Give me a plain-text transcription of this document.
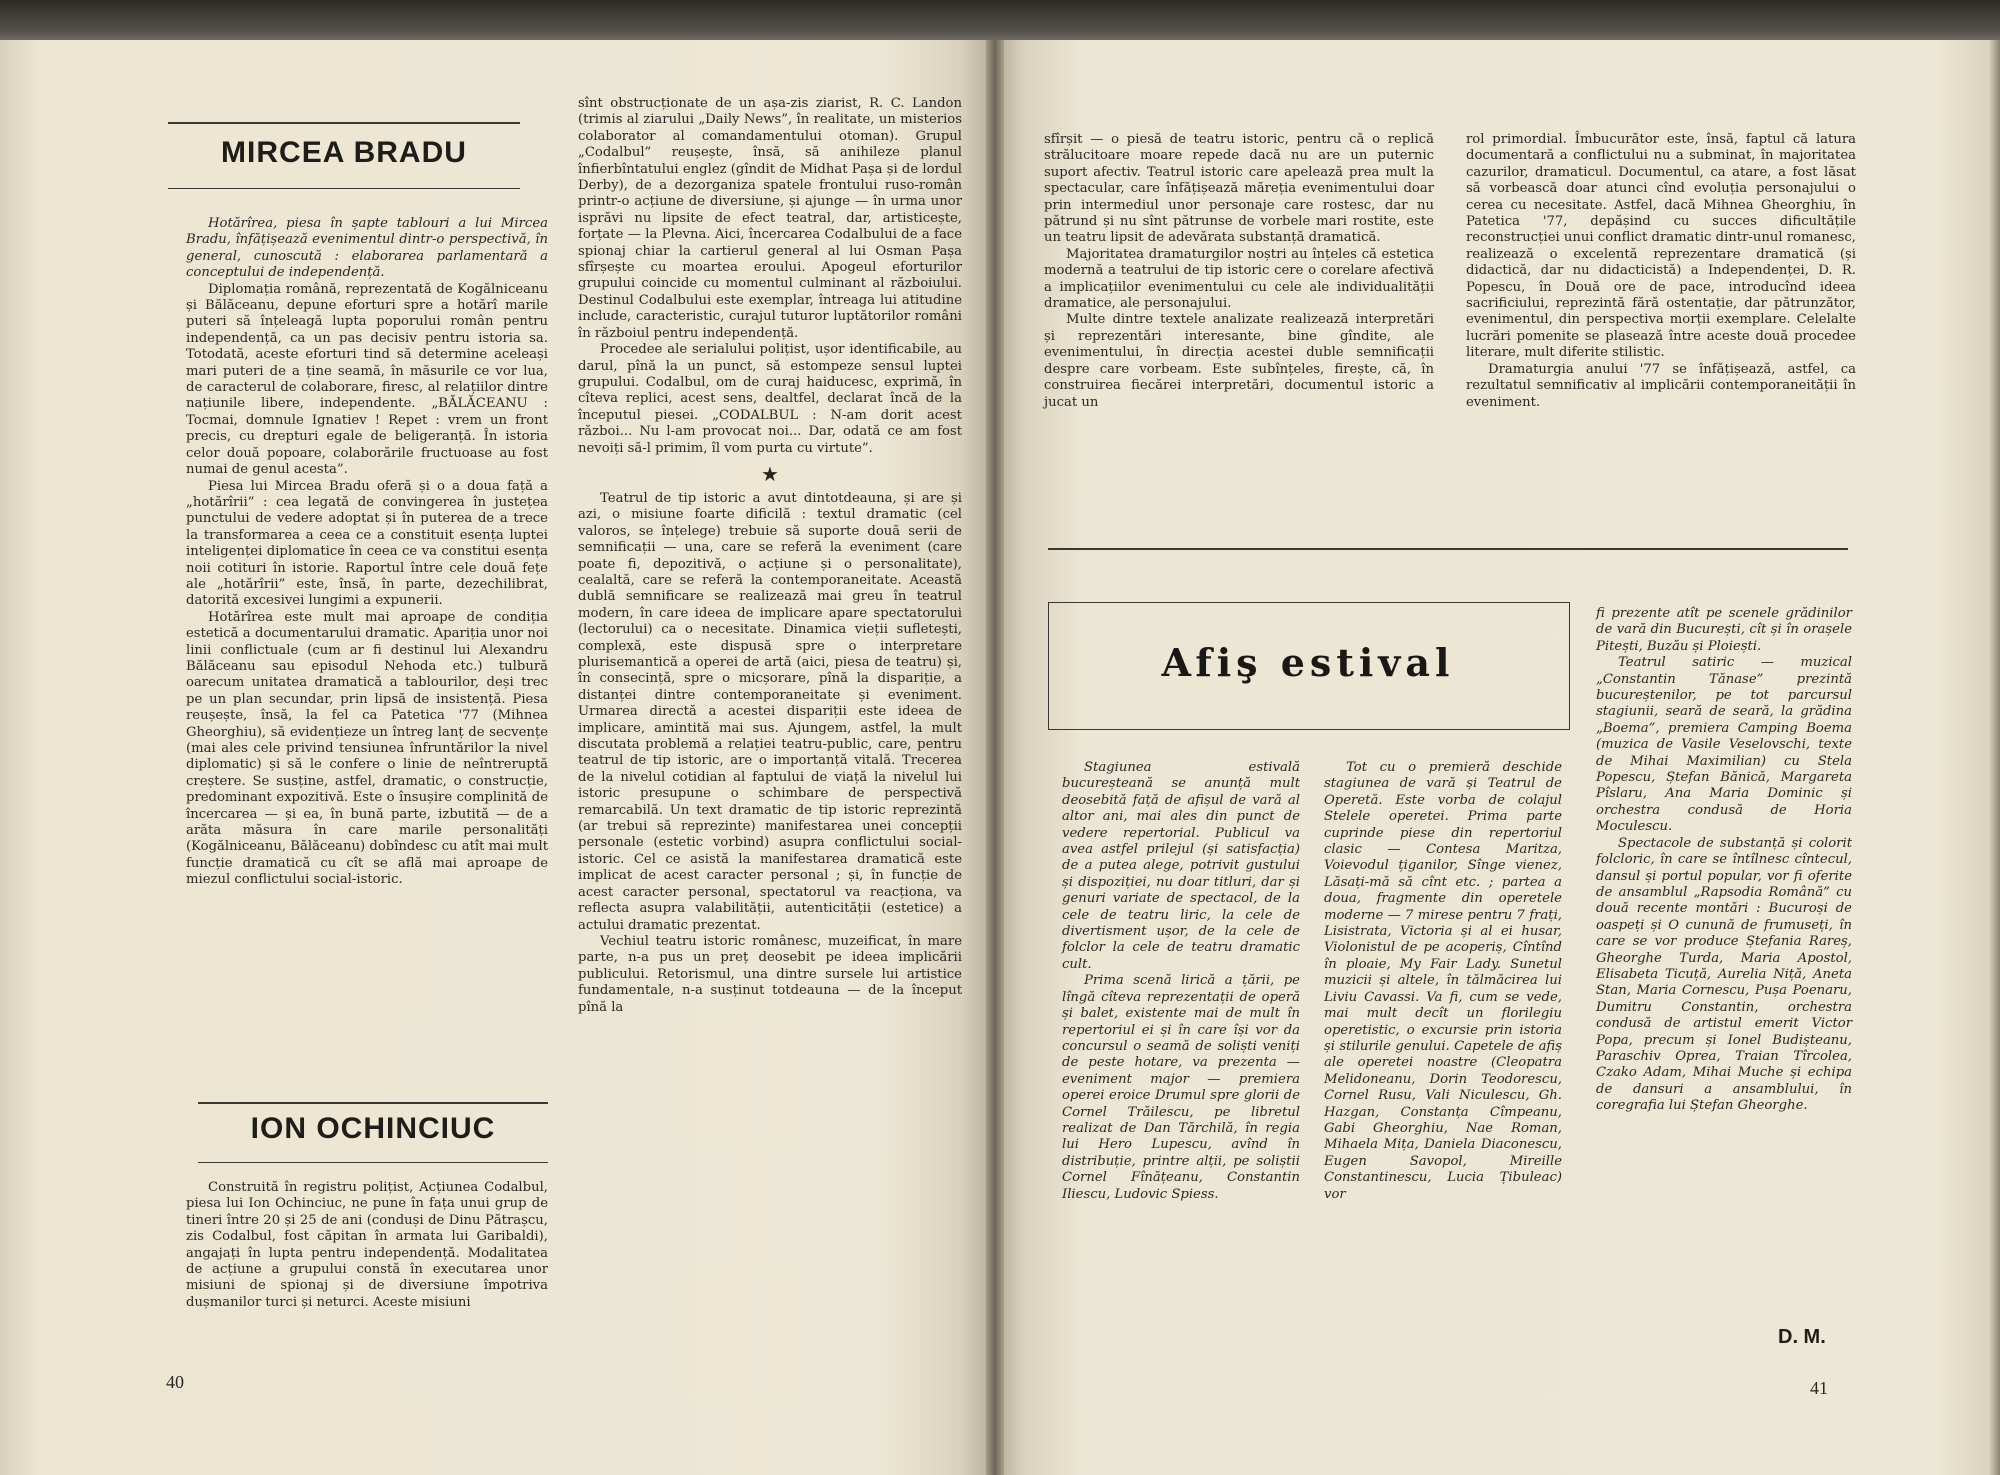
MIRCEA BRADU

Hotărîrea, piesa în șapte tablouri a lui Mircea Bradu, înfățișează evenimentul dintr-o perspectivă, în general, cunoscută : elaborarea parlamentară a conceptului de independență.

Diplomația română, reprezentată de Kogălniceanu și Bălăceanu, depune eforturi spre a hotărî marile puteri să înțeleagă lupta poporului român pentru independență, ca un pas decisiv pentru istoria sa. Totodată, aceste eforturi tind să determine aceleași mari puteri de a ține seamă, în măsurile ce vor lua, de caracterul de colaborare, firesc, al relațiilor dintre națiunile libere, independente. „BĂLĂCEANU : Tocmai, domnule Ignatiev ! Repet : vrem un front precis, cu drepturi egale de beligeranță. În istoria celor două popoare, colaborările fructuoase au fost numai de genul acesta”.

Piesa lui Mircea Bradu oferă și o a doua față a „hotărîrii” : cea legată de convingerea în justețea punctului de vedere adoptat și în puterea de a trece la transformarea a ceea ce a constituit esența luptei inteligenței diplomatice în ceea ce va constitui esența noii cotituri în istorie. Raportul între cele două fețe ale „hotărîrii” este, însă, în parte, dezechilibrat, datorită excesivei lungimi a expunerii.

Hotărîrea este mult mai aproape de condiția estetică a documentarului dramatic. Apariția unor noi linii conflictuale (cum ar fi destinul lui Alexandru Bălăceanu sau episodul Nehoda etc.) tulbură oarecum unitatea dramatică a tablourilor, deși trec pe un plan secundar, prin lipsă de insistență. Piesa reușește, însă, la fel ca Patetica '77 (Mihnea Gheorghiu), să evidențieze un întreg lanț de secvențe (mai ales cele privind tensiunea înfruntărilor la nivel diplomatic) și să le confere o linie de neîntreruptă creștere. Se susține, astfel, dramatic, o construcție, predominant expozitivă. Este o însușire complinită de încercarea — și ea, în bună parte, izbutită — de a arăta măsura în care marile personalități (Kogălniceanu, Bălăceanu) dobîndesc cu atît mai mult funcție dramatică cu cît se află mai aproape de miezul conflictului social-istoric.

ION OCHINCIUC

Construită în registru polițist, Acțiunea Codalbul, piesa lui Ion Ochinciuc, ne pune în fața unui grup de tineri între 20 și 25 de ani (conduși de Dinu Pătrașcu, zis Codalbul, fost căpitan în armata lui Garibaldi), angajați în lupta pentru independență. Modalitatea de acțiune a grupului constă în executarea unor misiuni de spionaj și de diversiune împotriva dușmanilor turci și neturci. Aceste misiuni

sînt obstrucționate de un așa-zis ziarist, R. C. Landon (trimis al ziarului „Daily News”, în realitate, un misterios colaborator al comandamentului otoman). Grupul „Codalbul” reușește, însă, să anihileze planul înfierbîntatului englez (gîndit de Midhat Pașa și de lordul Derby), de a dezorganiza spatele frontului ruso-român printr-o acțiune de diversiune, și ajunge — în urma unor isprăvi nu lipsite de efect teatral, dar, artisticește, forțate — la Plevna. Aici, încercarea Codalbului de a face spionaj chiar la cartierul general al lui Osman Pașa sfîrșește cu moartea eroului. Apogeul eforturilor grupului coincide cu momentul culminant al războiului. Destinul Codalbului este exemplar, întreaga lui atitudine include, caracteristic, curajul tuturor luptătorilor români în războiul pentru independență.

Procedee ale serialului polițist, ușor identificabile, au darul, pînă la un punct, să estompeze sensul luptei grupului. Codalbul, om de curaj haiducesc, exprimă, în cîteva replici, acest sens, dealtfel, declarat încă de la începutul piesei. „CODALBUL : N-am dorit acest război... Nu l-am provocat noi... Dar, odată ce am fost nevoiți să-l primim, îl vom purta cu virtute”.

★

Teatrul de tip istoric a avut dintotdeauna, și are și azi, o misiune foarte dificilă : textul dramatic (cel valoros, se înțelege) trebuie să suporte două serii de semnificații — una, care se referă la eveniment (care poate fi, depozitivă, o acțiune și o personalitate), cealaltă, care se referă la contemporaneitate. Această dublă semnificare se realizează mai greu în teatrul modern, în care ideea de implicare apare spectatorului (lectorului) ca o necesitate. Dinamica vieții sufletești, complexă, este dispusă spre o interpretare plurisemantică a operei de artă (aici, piesa de teatru) și, în consecință, spre o micșorare, pînă la dispariție, a distanței dintre contemporaneitate și eveniment. Urmarea directă a acestei dispariții este ideea de implicare, amintită mai sus. Ajungem, astfel, la mult discutata problemă a relației teatru-public, care, pentru teatrul de tip istoric, are o importanță vitală. Trecerea de la nivelul cotidian al faptului de viață la nivelul lui istoric presupune o schimbare de perspectivă remarcabilă. Un text dramatic de tip istoric reprezintă (ar trebui să reprezinte) manifestarea unei concepții personale (estetic vorbind) asupra conflictului social-istoric. Cel ce asistă la manifestarea dramatică este implicat de acest caracter personal ; și, în funcție de acest caracter personal, spectatorul va reacționa, va reflecta asupra valabilității, autenticității (estetice) a actului dramatic prezentat.

Vechiul teatru istoric românesc, muzeificat, în mare parte, n-a pus un preț deosebit pe ideea implicării publicului. Retorismul, una dintre sursele lui artistice fundamentale, n-a susținut totdeauna — de la început pînă la

40

sfîrșit — o piesă de teatru istoric, pentru că o replică strălucitoare moare repede dacă nu are un puternic suport afectiv. Teatrul istoric care apelează prea mult la spectacular, care înfățișează măreția evenimentului doar prin intermediul unor personaje care rostesc, dar nu pătrund și nu sînt pătrunse de vorbele mari rostite, este un teatru lipsit de adevărata substanță dramatică.

Majoritatea dramaturgilor noștri au înțeles că estetica modernă a teatrului de tip istoric cere o corelare afectivă a implicațiilor evenimentului cu cele ale individualității dramatice, ale personajului.

Multe dintre textele analizate realizează interpretări și reprezentări interesante, bine gîndite, ale evenimentului, în direcția acestei duble semnificații despre care vorbeam. Este subînțeles, firește, că, în construirea fiecărei interpretări, documentul istoric a jucat un

rol primordial. Îmbucurător este, însă, faptul că latura documentară a conflictului nu a subminat, în majoritatea cazurilor, dramaticul. Documentul, ca atare, a fost lăsat să vorbească doar atunci cînd evoluția personajului o cerea cu necesitate. Astfel, dacă Mihnea Gheorghiu, în Patetica '77, depășind cu succes dificultățile reconstrucției unui conflict dramatic dintr-unul romanesc, realizează o excelentă reprezentare dramatică (și didactică, dar nu didacticistă) a Independenței, D. R. Popescu, în Două ore de pace, introducînd ideea sacrificiului, reprezintă fără ostentație, dar pătrunzător, evenimentul, din perspectiva morții exemplare. Celelalte lucrări pomenite se plasează între aceste două procedee literare, mult diferite stilistic.

Dramaturgia anului '77 se înfățișează, astfel, ca rezultatul semnificativ al implicării contemporaneității în eveniment.

Afiş estival

Stagiunea estivală bucureșteană se anunță mult deosebită față de afișul de vară al altor ani, mai ales din punct de vedere repertorial. Publicul va avea astfel prilejul (și satisfacția) de a putea alege, potrivit gustului și dispoziției, nu doar titluri, dar și genuri variate de spectacol, de la cele de teatru liric, la cele de divertisment ușor, de la cele de folclor la cele de teatru dramatic cult.

Prima scenă lirică a țării, pe lîngă cîteva reprezentații de operă și balet, existente mai de mult în repertoriul ei și în care își vor da concursul o seamă de soliști veniți de peste hotare, va prezenta — eveniment major — premiera operei eroice Drumul spre glorii de Cornel Trăilescu, pe libretul realizat de Dan Tărchilă, în regia lui Hero Lupescu, avînd în distribuție, printre alții, pe soliștii Cornel Fînățeanu, Constantin Iliescu, Ludovic Spiess.

Tot cu o premieră deschide stagiunea de vară și Teatrul de Operetă. Este vorba de colajul Stelele operetei. Prima parte cuprinde piese din repertoriul clasic — Contesa Maritza, Voievodul țiganilor, Sînge vienez, Lăsați-mă să cînt etc. ; partea a doua, fragmente din operetele moderne — 7 mirese pentru 7 frați, Lisistrata, Victoria și al ei husar, Violonistul de pe acoperiș, Cîntînd în ploaie, My Fair Lady. Sunetul muzicii și altele, în tălmăcirea lui Liviu Cavassi. Va fi, cum se vede, mai mult decît un florilegiu operetistic, o excursie prin istoria și stilurile genului. Capetele de afiș ale operetei noastre (Cleopatra Melidoneanu, Dorin Teodorescu, Cornel Rusu, Vali Niculescu, Gh. Hazgan, Constanța Cîmpeanu, Gabi Gheorghiu, Nae Roman, Mihaela Mița, Daniela Diaconescu, Eugen Savopol, Mireille Constantinescu, Lucia Țibuleac) vor

fi prezente atît pe scenele grădinilor de vară din București, cît și în orașele Pitești, Buzău și Ploiești.

Teatrul satiric — muzical „Constantin Tănase” prezintă bucureștenilor, pe tot parcursul stagiunii, seară de seară, la grădina „Boema”, premiera Camping Boema (muzica de Vasile Veselovschi, texte de Mihai Maximilian) cu Stela Popescu, Ștefan Bănică, Margareta Pîslaru, Ana Maria Dominic și orchestra condusă de Horia Moculescu.

Spectacole de substanță și colorit folcloric, în care se întîlnesc cîntecul, dansul și portul popular, vor fi oferite de ansamblul „Rapsodia Română” cu două recente montări : Bucuroși de oaspeți și O cunună de frumuseți, în care se vor produce Ștefania Rareș, Gheorghe Turda, Maria Apostol, Elisabeta Ticuță, Aurelia Niță, Aneta Stan, Maria Cornescu, Pușa Poenaru, Dumitru Constantin, orchestra condusă de artistul emerit Victor Popa, precum și Ionel Budișteanu, Paraschiv Oprea, Traian Tîrcolea, Czako Adam, Mihai Muche și echipa de dansuri a ansamblului, în coregrafia lui Ștefan Gheorghe.

D. M.
41
